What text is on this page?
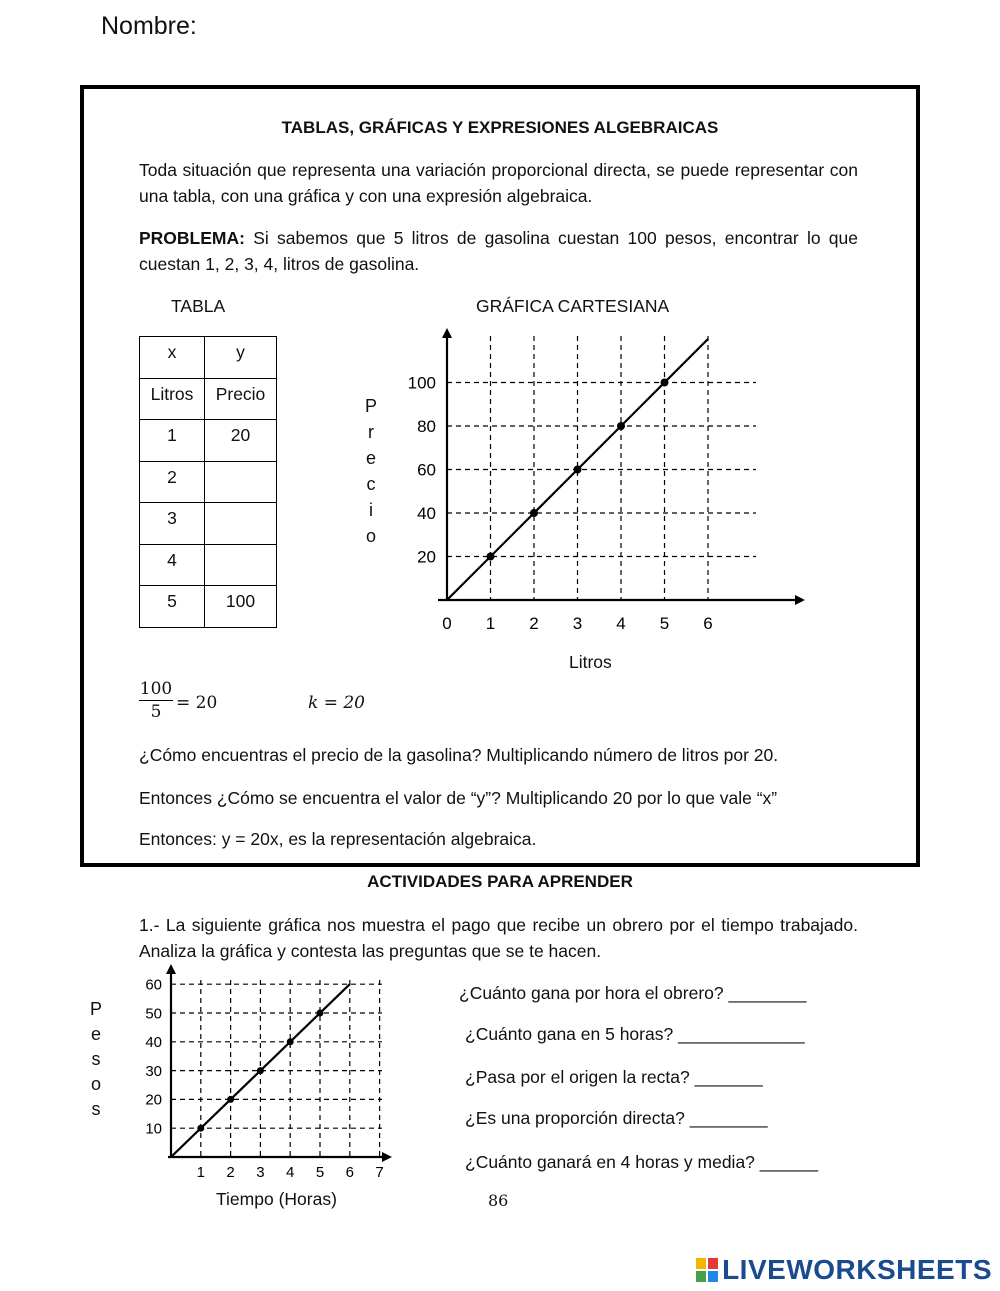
Nombre:
TABLAS, GRÁFICAS Y EXPRESIONES ALGEBRAICAS
Toda situación que representa una variación proporcional directa, se puede representar con una tabla, con una gráfica y con una expresión algebraica.
PROBLEMA: Si sabemos que 5 litros de gasolina cuestan 100 pesos, encontrar lo que cuestan 1, 2, 3, 4, litros de gasolina.
TABLA	GRÁFICA CARTESIANA
x	y
Litros	Precio
1	20
2	
3	
4	
5	100
P
r
e
c
i
o
0 1 2 3 4 5 6
20
40
60
80
100
Litros
$\frac{100}{5} = 20$	k = 20
¿Cómo encuentras el precio de la gasolina? Multiplicando número de litros por 20.
Entonces ¿Cómo se encuentra el valor de “y”? Multiplicando 20 por lo que vale “x”
Entonces: y = 20x, es la representación algebraica.
ACTIVIDADES PARA APRENDER
1.- La siguiente gráfica nos muestra el pago que recibe un obrero por el tiempo trabajado. Analiza la gráfica y contesta las preguntas que se te hacen.
P
e
s
o
s
1 2 3 4 5 6 7
10
20
30
40
50
60
Tiempo (Horas)
¿Cuánto gana por hora el obrero? ________
¿Cuánto gana en 5 horas? _____________
¿Pasa por el origen la recta? _______
¿Es una proporción directa? ________
¿Cuánto ganará en 4 horas y media? ______
86
LIVEWORKSHEETS
